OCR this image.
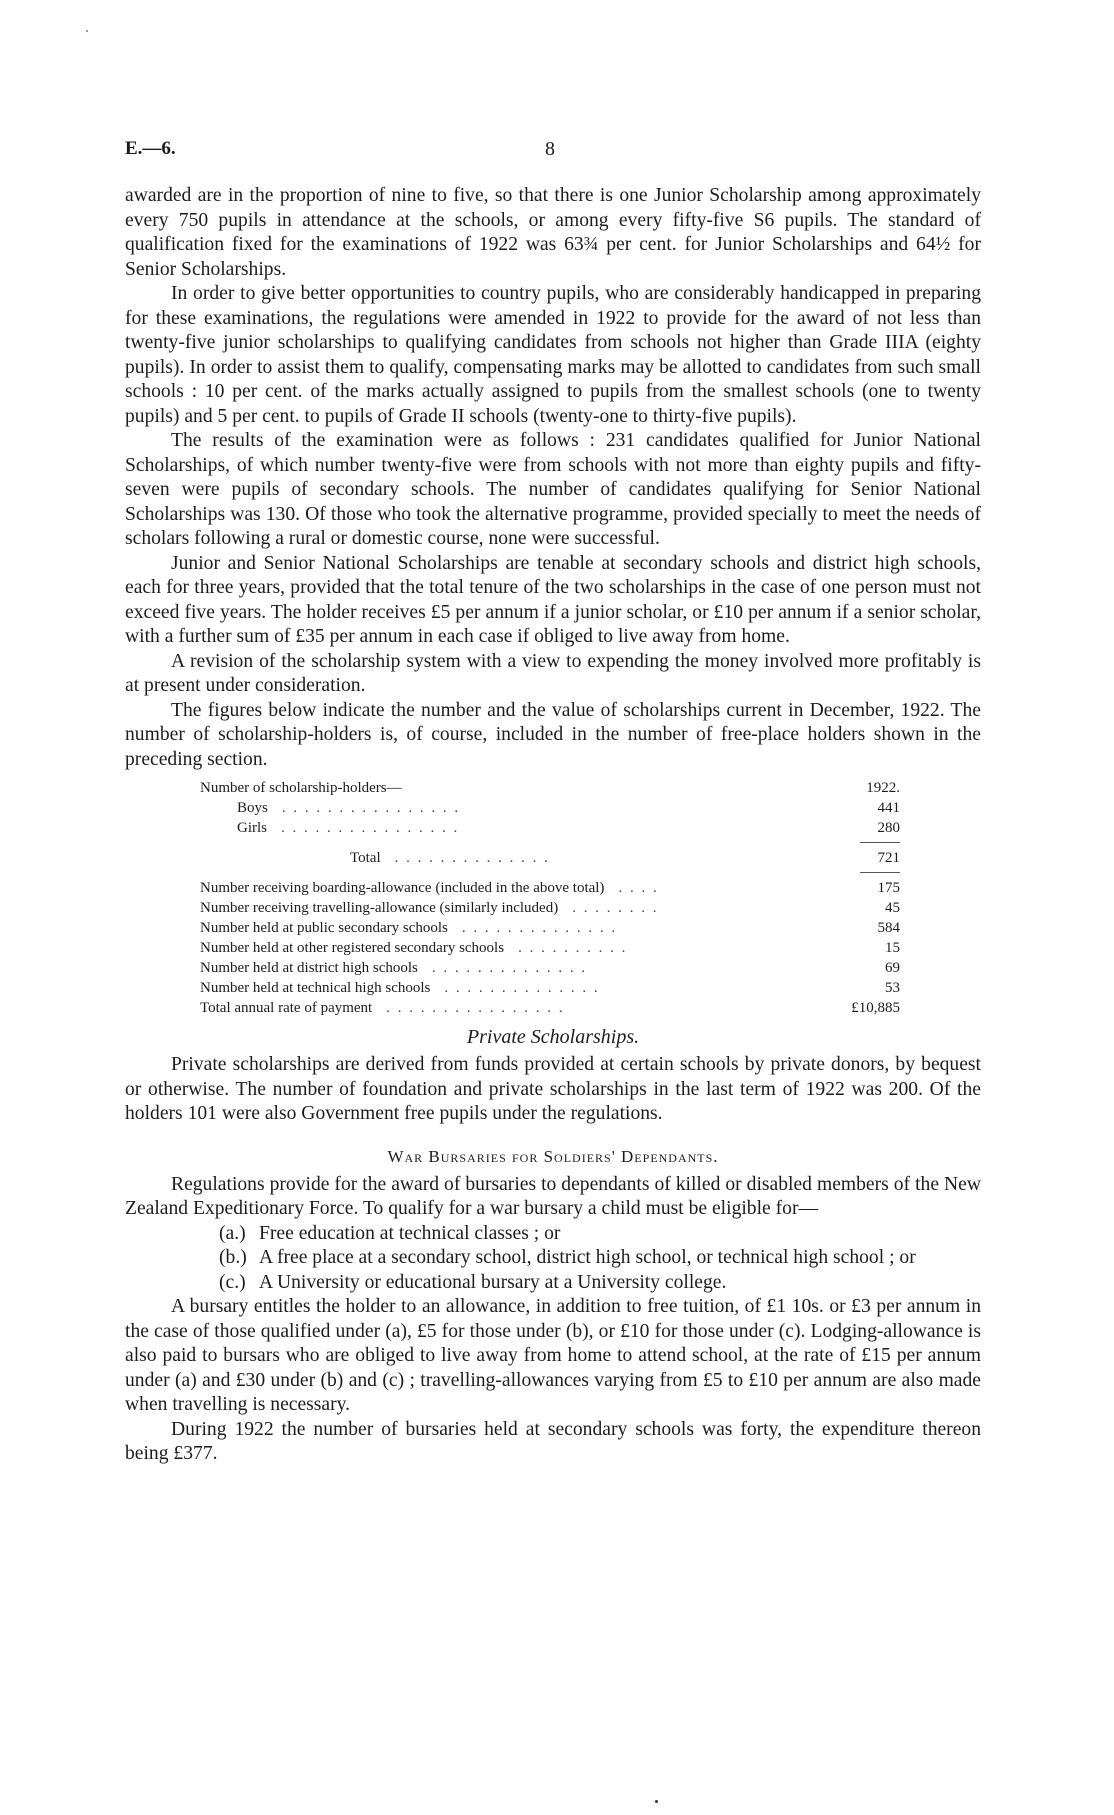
E.—6.	8

awarded are in the proportion of nine to five, so that there is one Junior Scholarship among approximately every 750 pupils in attendance at the schools, or among every fifty-five S6 pupils. The standard of qualification fixed for the examinations of 1922 was 63¾ per cent. for Junior Scholarships and 64½ for Senior Scholarships.

In order to give better opportunities to country pupils, who are considerably handicapped in preparing for these examinations, the regulations were amended in 1922 to provide for the award of not less than twenty-five junior scholarships to qualifying candidates from schools not higher than Grade IIIA (eighty pupils). In order to assist them to qualify, compensating marks may be allotted to candidates from such small schools : 10 per cent. of the marks actually assigned to pupils from the smallest schools (one to twenty pupils) and 5 per cent. to pupils of Grade II schools (twenty-one to thirty-five pupils).

The results of the examination were as follows : 231 candidates qualified for Junior National Scholarships, of which number twenty-five were from schools with not more than eighty pupils and fifty-seven were pupils of secondary schools. The number of candidates qualifying for Senior National Scholarships was 130. Of those who took the alternative programme, provided specially to meet the needs of scholars following a rural or domestic course, none were successful.

Junior and Senior National Scholarships are tenable at secondary schools and district high schools, each for three years, provided that the total tenure of the two scholarships in the case of one person must not exceed five years. The holder receives £5 per annum if a junior scholar, or £10 per annum if a senior scholar, with a further sum of £35 per annum in each case if obliged to live away from home.

A revision of the scholarship system with a view to expending the money involved more profitably is at present under consideration.

The figures below indicate the number and the value of scholarships current in December, 1922. The number of scholarship-holders is, of course, included in the number of free-place holders shown in the preceding section.

Number of scholarship-holders—	1922.
Boys . . . . . . . . . . . . . . . .	441
Girls . . . . . . . . . . . . . . . .	280
Total . . . . . . . . . . . . . .	721
Number receiving boarding-allowance (included in the above total) . . . .	175
Number receiving travelling-allowance (similarly included) . . . . . . . .	45
Number held at public secondary schools . . . . . . . . . . . . . .	584
Number held at other registered secondary schools . . . . . . . . . .	15
Number held at district high schools . . . . . . . . . . . . . .	69
Number held at technical high schools . . . . . . . . . . . . . .	53
Total annual rate of payment . . . . . . . . . . . . . . . .	£10,885
Private Scholarships.

Private scholarships are derived from funds provided at certain schools by private donors, by bequest or otherwise. The number of foundation and private scholarships in the last term of 1922 was 200. Of the holders 101 were also Government free pupils under the regulations.

War Bursaries for Soldiers' Dependants.

Regulations provide for the award of bursaries to dependants of killed or disabled members of the New Zealand Expeditionary Force. To qualify for a war bursary a child must be eligible for—

(a.) Free education at technical classes ; or
(b.) A free place at a secondary school, district high school, or technical high school ; or
(c.) A University or educational bursary at a University college.

A bursary entitles the holder to an allowance, in addition to free tuition, of £1 10s. or £3 per annum in the case of those qualified under (a), £5 for those under (b), or £10 for those under (c). Lodging-allowance is also paid to bursars who are obliged to live away from home to attend school, at the rate of £15 per annum under (a) and £30 under (b) and (c) ; travelling-allowances varying from £5 to £10 per annum are also made when travelling is necessary.

During 1922 the number of bursaries held at secondary schools was forty, the expenditure thereon being £377.
